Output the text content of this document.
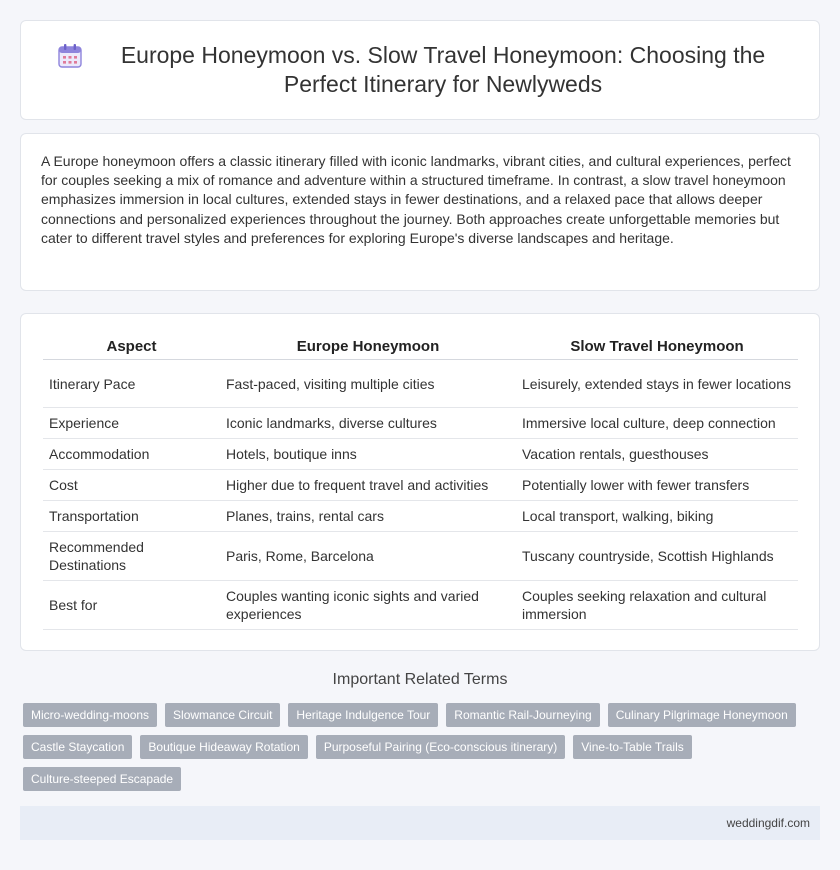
Europe Honeymoon vs. Slow Travel Honeymoon: Choosing the Perfect Itinerary for Newlyweds

A Europe honeymoon offers a classic itinerary filled with iconic landmarks, vibrant cities, and cultural experiences, perfect for couples seeking a mix of romance and adventure within a structured timeframe. In contrast, a slow travel honeymoon emphasizes immersion in local cultures, extended stays in fewer destinations, and a relaxed pace that allows deeper connections and personalized experiences throughout the journey. Both approaches create unforgettable memories but cater to different travel styles and preferences for exploring Europe's diverse landscapes and heritage.

Aspect	Europe Honeymoon	Slow Travel Honeymoon
Itinerary Pace	Fast-paced, visiting multiple cities	Leisurely, extended stays in fewer locations
Experience	Iconic landmarks, diverse cultures	Immersive local culture, deep connection
Accommodation	Hotels, boutique inns	Vacation rentals, guesthouses
Cost	Higher due to frequent travel and activities	Potentially lower with fewer transfers
Transportation	Planes, trains, rental cars	Local transport, walking, biking
Recommended Destinations	Paris, Rome, Barcelona	Tuscany countryside, Scottish Highlands
Best for	Couples wanting iconic sights and varied experiences	Couples seeking relaxation and cultural immersion
Important Related Terms
Micro-wedding-moons	Slowmance Circuit	Heritage Indulgence Tour	Romantic Rail-Journeying	Culinary Pilgrimage Honeymoon
Castle Staycation	Boutique Hideaway Rotation	Purposeful Pairing (Eco-conscious itinerary)	Vine-to-Table Trails
Culture-steeped Escapade
weddingdif.com
